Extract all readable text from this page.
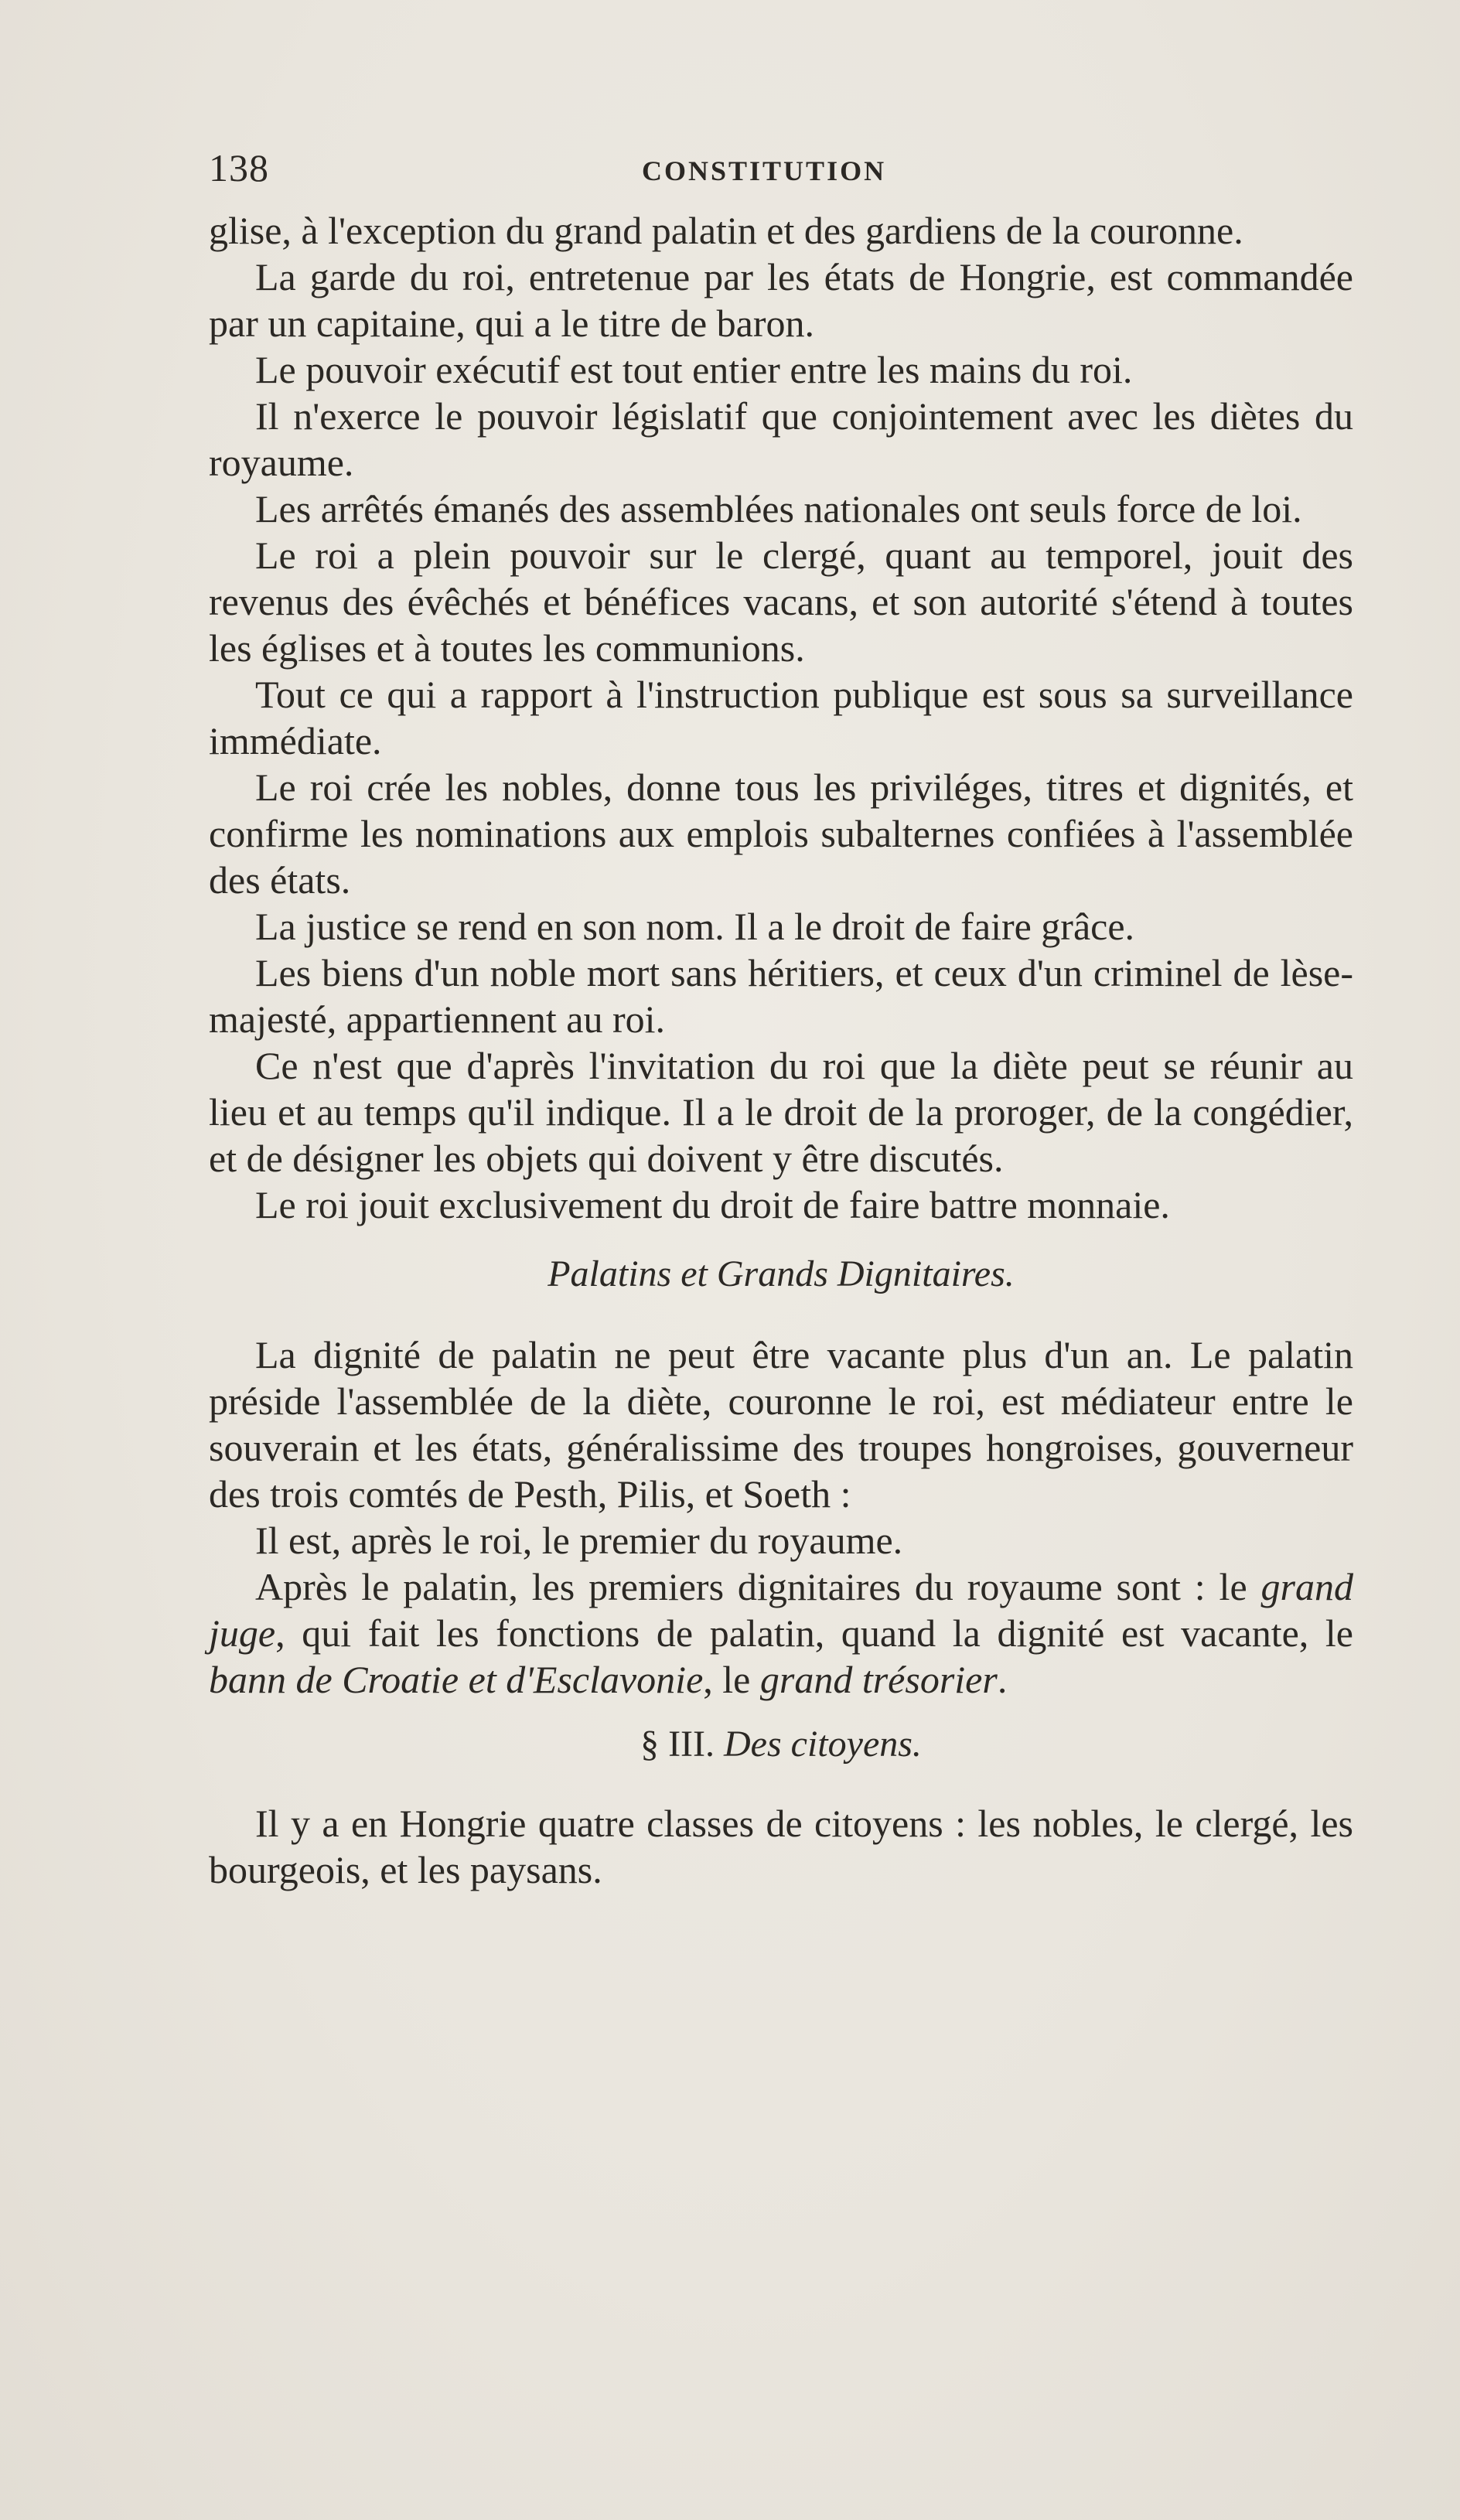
138	CONSTITUTION

glise, à l'exception du grand palatin et des gardiens de la couronne.

La garde du roi, entretenue par les états de Hongrie, est commandée par un capitaine, qui a le titre de baron.

Le pouvoir exécutif est tout entier entre les mains du roi.

Il n'exerce le pouvoir législatif que conjointement avec les diètes du royaume.

Les arrêtés émanés des assemblées nationales ont seuls force de loi.

Le roi a plein pouvoir sur le clergé, quant au temporel, jouit des revenus des évêchés et bénéfices vacans, et son autorité s'étend à toutes les églises et à toutes les communions.

Tout ce qui a rapport à l'instruction publique est sous sa surveillance immédiate.

Le roi crée les nobles, donne tous les priviléges, titres et dignités, et confirme les nominations aux emplois subalternes confiées à l'assemblée des états.

La justice se rend en son nom. Il a le droit de faire grâce.

Les biens d'un noble mort sans héritiers, et ceux d'un criminel de lèse-majesté, appartiennent au roi.

Ce n'est que d'après l'invitation du roi que la diète peut se réunir au lieu et au temps qu'il indique. Il a le droit de la proroger, de la congédier, et de désigner les objets qui doivent y être discutés.

Le roi jouit exclusivement du droit de faire battre monnaie.

Palatins et Grands Dignitaires.

La dignité de palatin ne peut être vacante plus d'un an. Le palatin préside l'assemblée de la diète, couronne le roi, est médiateur entre le souverain et les états, généralissime des troupes hongroises, gouverneur des trois comtés de Pesth, Pilis, et Soeth :

Il est, après le roi, le premier du royaume.

Après le palatin, les premiers dignitaires du royaume sont : le grand juge, qui fait les fonctions de palatin, quand la dignité est vacante, le bann de Croatie et d'Esclavonie, le grand trésorier.

§ III. Des citoyens.

Il y a en Hongrie quatre classes de citoyens : les nobles, le clergé, les bourgeois, et les paysans.
